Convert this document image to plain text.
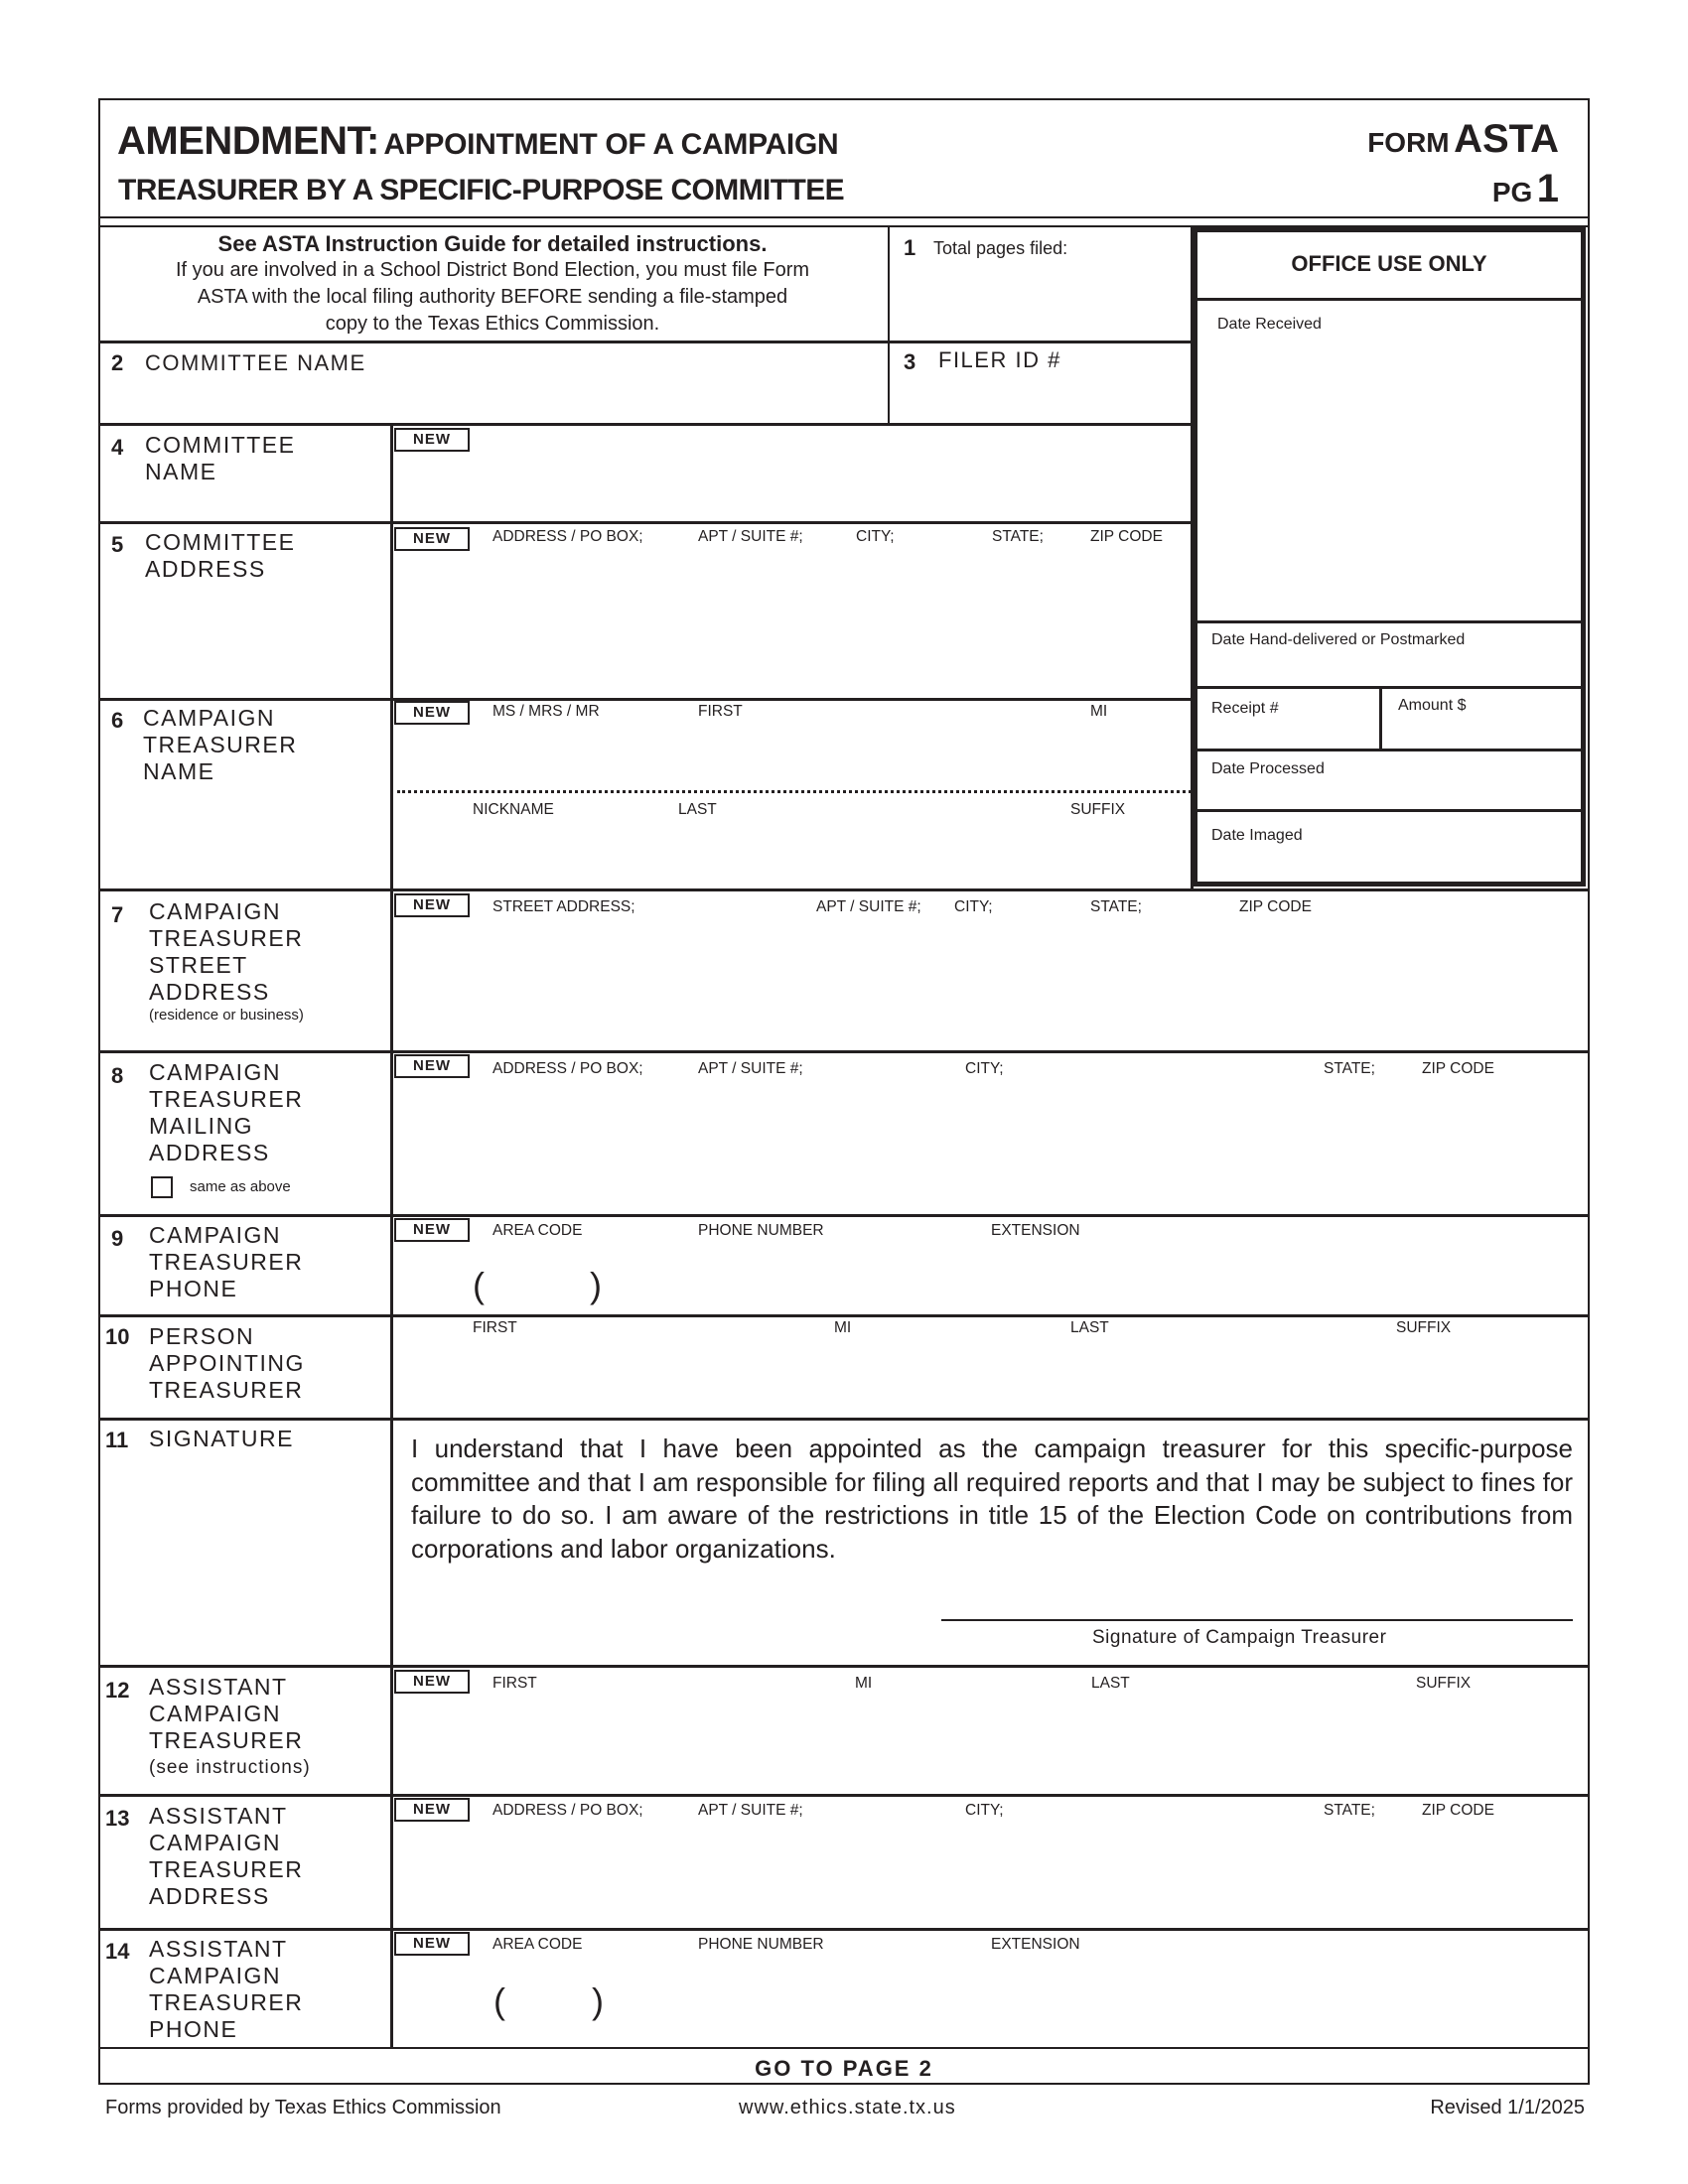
AMENDMENT: APPOINTMENT OF A CAMPAIGN
TREASURER BY A SPECIFIC-PURPOSE COMMITTEE
FORM ASTA
PG 1
See ASTA Instruction Guide for detailed instructions.
If you are involved in a School District Bond Election, you must file Form
ASTA with the local filing authority BEFORE sending a file-stamped
copy to the Texas Ethics Commission.
1 Total pages filed:
2 COMMITTEE NAME	3 FILER ID #
OFFICE USE ONLY
Date Received
Date Hand-delivered or Postmarked
Receipt #	Amount $
Date Processed
Date Imaged
4 COMMITTEE
NAME
NEW
5 COMMITTEE
ADDRESS
NEW	ADDRESS / PO BOX;	APT / SUITE #;	CITY;	STATE;	ZIP CODE
6 CAMPAIGN
TREASURER
NAME
NEW	MS / MRS / MR	FIRST	MI
NICKNAME	LAST	SUFFIX
7 CAMPAIGN
TREASURER
STREET
ADDRESS
(residence or business)
NEW	STREET ADDRESS;	APT / SUITE #; CITY;	STATE;	ZIP CODE
8 CAMPAIGN
TREASURER
MAILING
ADDRESS
same as above
NEW	ADDRESS / PO BOX;	APT / SUITE #;	CITY;	STATE;	ZIP CODE
9 CAMPAIGN
TREASURER
PHONE
NEW	AREA CODE	PHONE NUMBER	EXTENSION
(	)
10 PERSON
APPOINTING
TREASURER
FIRST	MI	LAST	SUFFIX
11 SIGNATURE	I understand that I have been appointed as the campaign treasurer for this specific-purpose committee and that I am responsible for filing all required reports and that I may be subject to fines for failure to do so. I am aware of the restrictions in title 15 of the Election Code on contributions from corporations and labor organizations.
Signature of Campaign Treasurer
12 ASSISTANT
CAMPAIGN
TREASURER
(see instructions)
NEW	FIRST	MI	LAST	SUFFIX
13 ASSISTANT
CAMPAIGN
TREASURER
ADDRESS
NEW	ADDRESS / PO BOX;	APT / SUITE #;	CITY;	STATE;	ZIP CODE
14 ASSISTANT
CAMPAIGN
TREASURER
PHONE
NEW	AREA CODE	PHONE NUMBER	EXTENSION
( )
GO TO PAGE 2
Forms provided by Texas Ethics Commission	www.ethics.state.tx.us	Revised 1/1/2025
